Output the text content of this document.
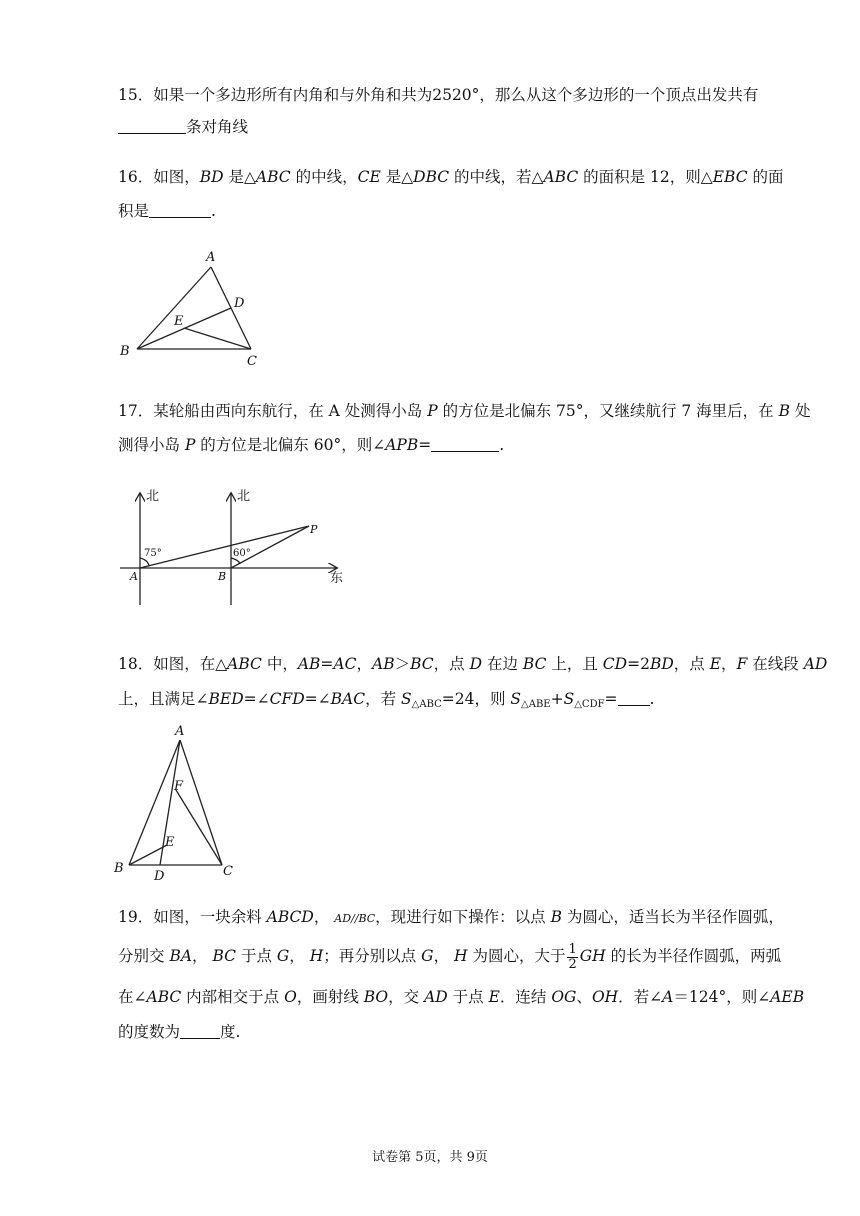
15．如果一个多边形所有内角和与外角和共为2520°，那么从这个多边形的一个顶点出发共有
条对角线
16．如图，BD 是△ABC 的中线，CE 是△DBC 的中线，若△ABC 的面积是 12，则△EBC 的面
积是	.
A
B
C
D
E
17．某轮船由西向东航行，在 A 处测得小岛 P 的方位是北偏东 75°，又继续航行 7 海里后，在 B 处
测得小岛 P 的方位是北偏东 60°，则∠APB=	.
北	北
东
A	B
P
75°	60°
18．如图，在△ABC 中，AB=AC，AB＞BC，点 D 在边 BC 上，且 CD=2BD，点 E，F 在线段 AD
上，且满足∠BED=∠CFD=∠BAC，若 $S_{\triangle ABC}=24$，则 $S_{\triangle ABE}+S_{\triangle CDF}=$ .
A
B	C
D
E
F
19．如图，一块余料 ABCD， AD//BC，现进行如下操作：以点 B 为圆心，适当长为半径作圆弧，
分别交 BA， BC 于点 G， H；再分别以点 G， H 为圆心，大于 $\frac{1}{2}$ GH 的长为半径作圆弧，两弧
在∠ABC 内部相交于点 O，画射线 BO，交 AD 于点 E．连结 OG、OH．若∠A＝124°，则∠AEB
的度数为	度.
试卷第 5页，共 9页
